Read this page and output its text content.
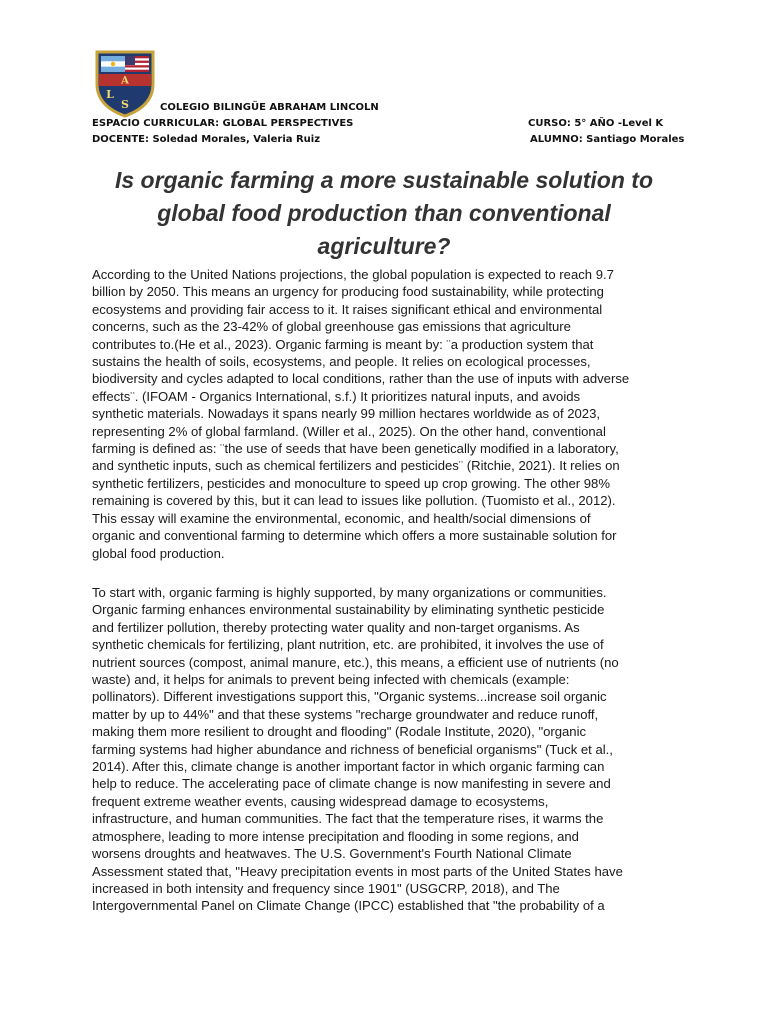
A
L
S	COLEGIO BILINGÜE ABRAHAM LINCOLN
ESPACIO CURRICULAR: GLOBAL PERSPECTIVES	CURSO: 5° AÑO -Level K
DOCENTE: Soledad Morales, Valeria Ruiz	ALUMNO: Santiago Morales
Is organic farming a more sustainable solution to
global food production than conventional
agriculture?

According to the United Nations projections, the global population is expected to reach 9.7
billion by 2050. This means an urgency for producing food sustainability, while protecting
ecosystems and providing fair access to it. It raises significant ethical and environmental
concerns, such as the 23-42% of global greenhouse gas emissions that agriculture
contributes to.(He et al., 2023). Organic farming is meant by: ¨a production system that
sustains the health of soils, ecosystems, and people. It relies on ecological processes,
biodiversity and cycles adapted to local conditions, rather than the use of inputs with adverse
effects¨. (IFOAM - Organics International, s.f.) It prioritizes natural inputs, and avoids
synthetic materials. Nowadays it spans nearly 99 million hectares worldwide as of 2023,
representing 2% of global farmland. (Willer et al., 2025). On the other hand, conventional
farming is defined as: ¨the use of seeds that have been genetically modified in a laboratory,
and synthetic inputs, such as chemical fertilizers and pesticides¨ (Ritchie, 2021). It relies on
synthetic fertilizers, pesticides and monoculture to speed up crop growing. The other 98%
remaining is covered by this, but it can lead to issues like pollution. (Tuomisto et al., 2012).
This essay will examine the environmental, economic, and health/social dimensions of
organic and conventional farming to determine which offers a more sustainable solution for
global food production.

To start with, organic farming is highly supported, by many organizations or communities.
Organic farming enhances environmental sustainability by eliminating synthetic pesticide
and fertilizer pollution, thereby protecting water quality and non-target organisms. As
synthetic chemicals for fertilizing, plant nutrition, etc. are prohibited, it involves the use of
nutrient sources (compost, animal manure, etc.), this means, a efficient use of nutrients (no
waste) and, it helps for animals to prevent being infected with chemicals (example:
pollinators). Different investigations support this, "Organic systems...increase soil organic
matter by up to 44%" and that these systems "recharge groundwater and reduce runoff,
making them more resilient to drought and flooding" (Rodale Institute, 2020), "organic
farming systems had higher abundance and richness of beneficial organisms" (Tuck et al.,
2014). After this, climate change is another important factor in which organic farming can
help to reduce. The accelerating pace of climate change is now manifesting in severe and
frequent extreme weather events, causing widespread damage to ecosystems,
infrastructure, and human communities. The fact that the temperature rises, it warms the
atmosphere, leading to more intense precipitation and flooding in some regions, and
worsens droughts and heatwaves. The U.S. Government's Fourth National Climate
Assessment stated that, "Heavy precipitation events in most parts of the United States have
increased in both intensity and frequency since 1901" (USGCRP, 2018), and The
Intergovernmental Panel on Climate Change (IPCC) established that "the probability of a
